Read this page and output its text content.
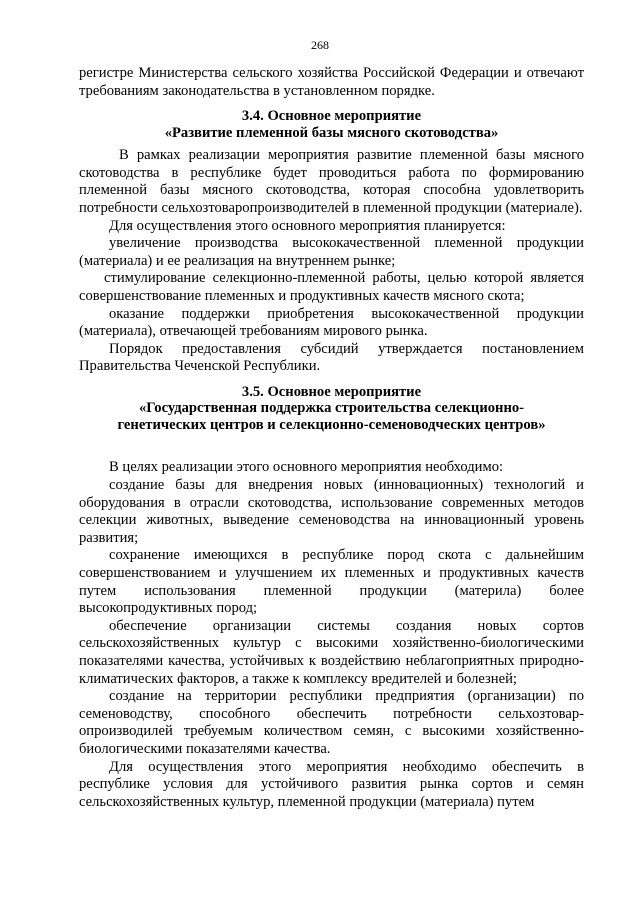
268

регистре Министерства сельского хозяйства Российской Федерации и отвечают требованиям законодательства в установленном порядке.

3.4. Основное мероприятие

«Развитие племенной базы мясного скотоводства»

В рамках реализации мероприятия развитие племенной базы мясного скотоводства в республике будет проводиться работа по формированию племенной базы мясного скотоводства, которая способна удовлетворить потребности сельхозтоваропроизводителей в племенной продукции (материале).

Для осуществления этого основного мероприятия планируется:

увеличение производства высококачественной племенной продукции (материала) и ее реализация на внутреннем рынке;

стимулирование селекционно-племенной работы, целью которой является совершенствование племенных и продуктивных качеств мясного скота;

оказание поддержки приобретения высококачественной продукции (материала), отвечающей требованиям мирового рынка.

Порядок предоставления субсидий утверждается постановлением Правительства Чеченской Республики.

3.5. Основное мероприятие

«Государственная поддержка строительства селекционно-

генетических центров и селекционно-семеноводческих центров»

В целях реализации этого основного мероприятия необходимо:

создание базы для внедрения новых (инновационных) технологий и оборудования в отрасли скотоводства, использование современных методов селекции животных, выведение семеноводства на инновационный уровень развития;

сохранение имеющихся в республике пород скота с дальнейшим совершенствованием и улучшением их племенных и продуктивных качеств путем использования племенной продукции (материла) более высокопродуктивных пород;

обеспечение организации системы создания новых сортов сельскохозяйственных культур с высокими хозяйственно-биологическими показателями качества, устойчивых к воздействию неблагоприятных природно-климатических факторов, а также к комплексу вредителей и болезней;

создание на территории республики предприятия (организации) по семеноводству, способного обеспечить потребности сельхозтовар-опроизводилей требуемым количеством семян, с высокими хозяйственно-биологическими показателями качества.

Для осуществления этого мероприятия необходимо обеспечить в республике условия для устойчивого развития рынка сортов и семян сельскохозяйственных культур, племенной продукции (материала) путем
